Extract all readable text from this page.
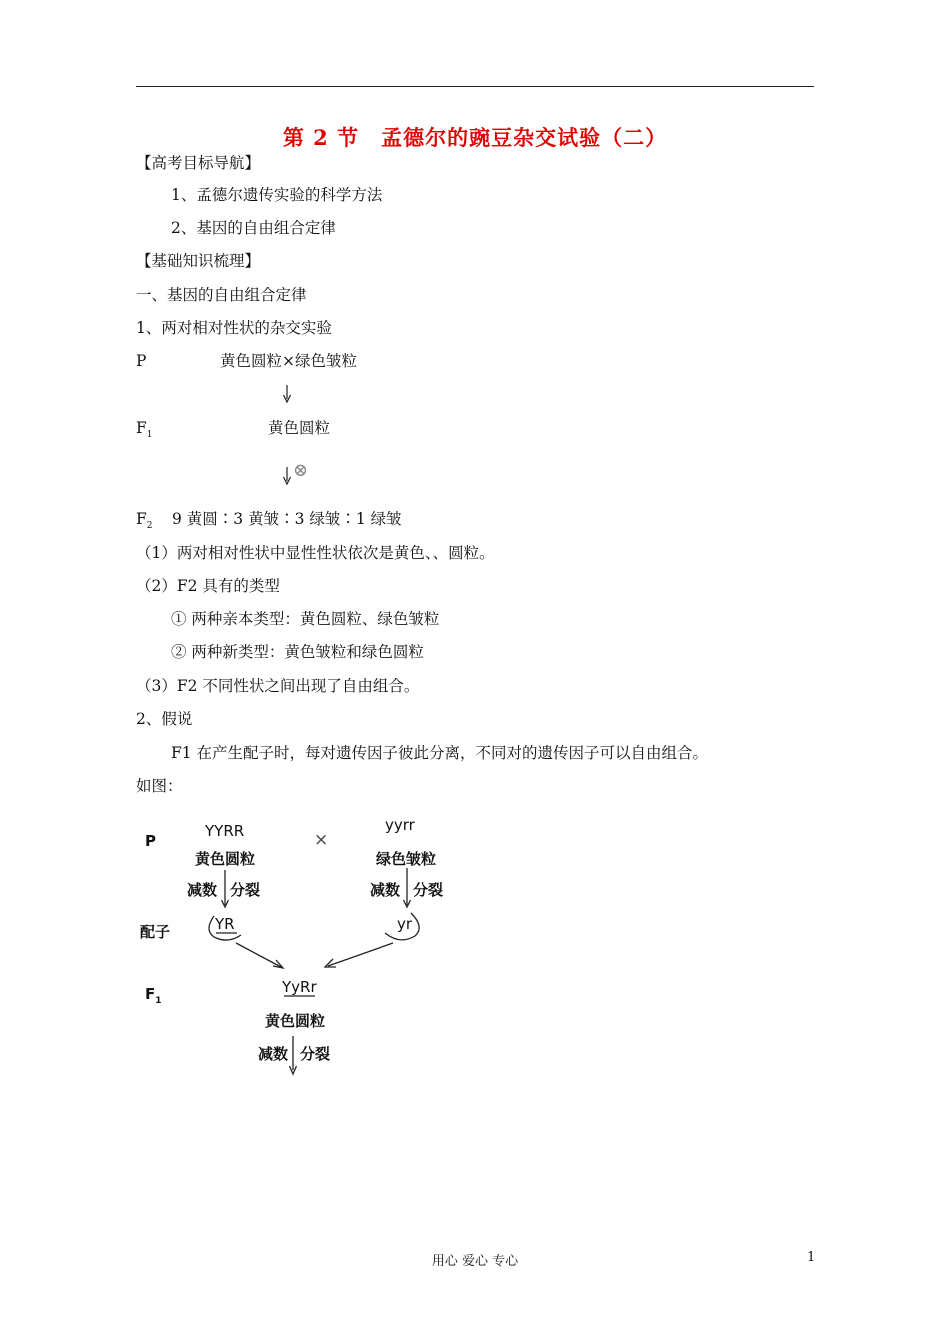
第 2 节　孟德尔的豌豆杂交试验（二）
【高考目标导航】
1、孟德尔遗传实验的科学方法
2、基因的自由组合定律
【基础知识梳理】
一、基因的自由组合定律
1、两对相对性状的杂交实验
P	黄色圆粒×绿色皱粒
$F_1$	黄色圆粒
⊗
$F_2$ 9 黄圆∶3 黄皱∶3 绿皱∶1 绿皱
（1）两对相对性状中显性性状依次是黄色、、圆粒。
（2）F2 具有的类型
① 两种亲本类型：黄色圆粒、绿色皱粒
② 两种新类型：黄色皱粒和绿色圆粒
（3）F2 不同性状之间出现了自由组合。
2、假说
F1 在产生配子时，每对遗传因子彼此分离，不同对的遗传因子可以自由组合。
如图：
P
YYRR
黄色圆粒
×
yyrr
绿色皱粒
减数 分裂	减数 分裂
配子	YR	yr
$F_1$
YyRr
黄色圆粒
减数 分裂
用心 爱心 专心	1
